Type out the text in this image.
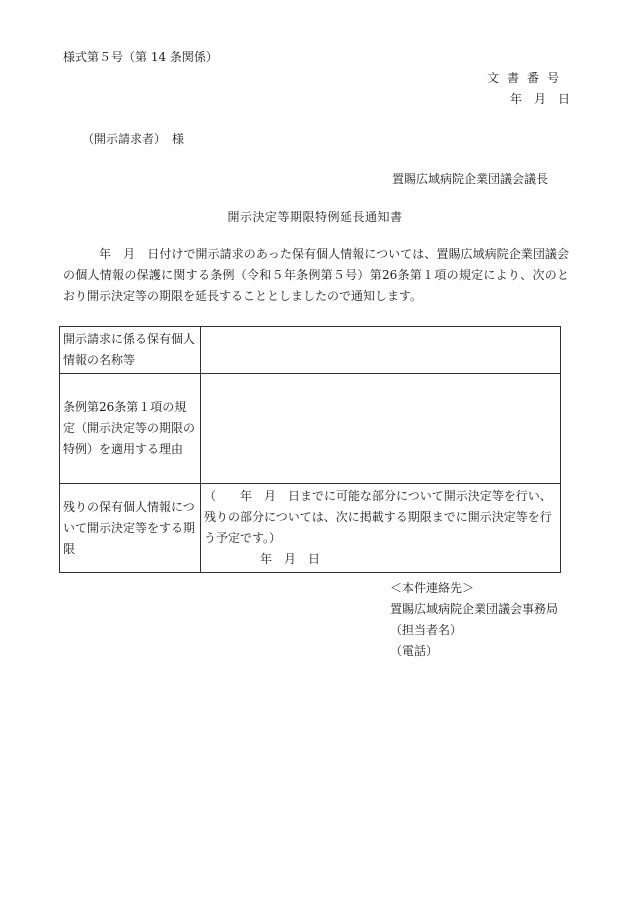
様式第５号（第 14 条関係）
文書番号
年　月　日
（開示請求者）　様
置賜広域病院企業団議会議長
開示決定等期限特例延長通知書
年　月　日付けで開示請求のあった保有個人情報については、置賜広域病院企業団議会の個人情報の保護に関する条例（令和５年条例第５号）第26条第１項の規定により、次のとおり開示決定等の期限を延長することとしましたので通知します。
開示請求に係る保有個人情報の名称等	
条例第26条第１項の規定（開示決定等の期限の特例）を適用する理由	
残りの保有個人情報について開示決定等をする期限	（　　年　月　日までに可能な部分について開示決定等を行い、残りの部分については、次に掲載する期限までに開示決定等を行う予定です。）
年　月　日
＜本件連絡先＞
置賜広域病院企業団議会事務局
（担当者名）
（電話）
